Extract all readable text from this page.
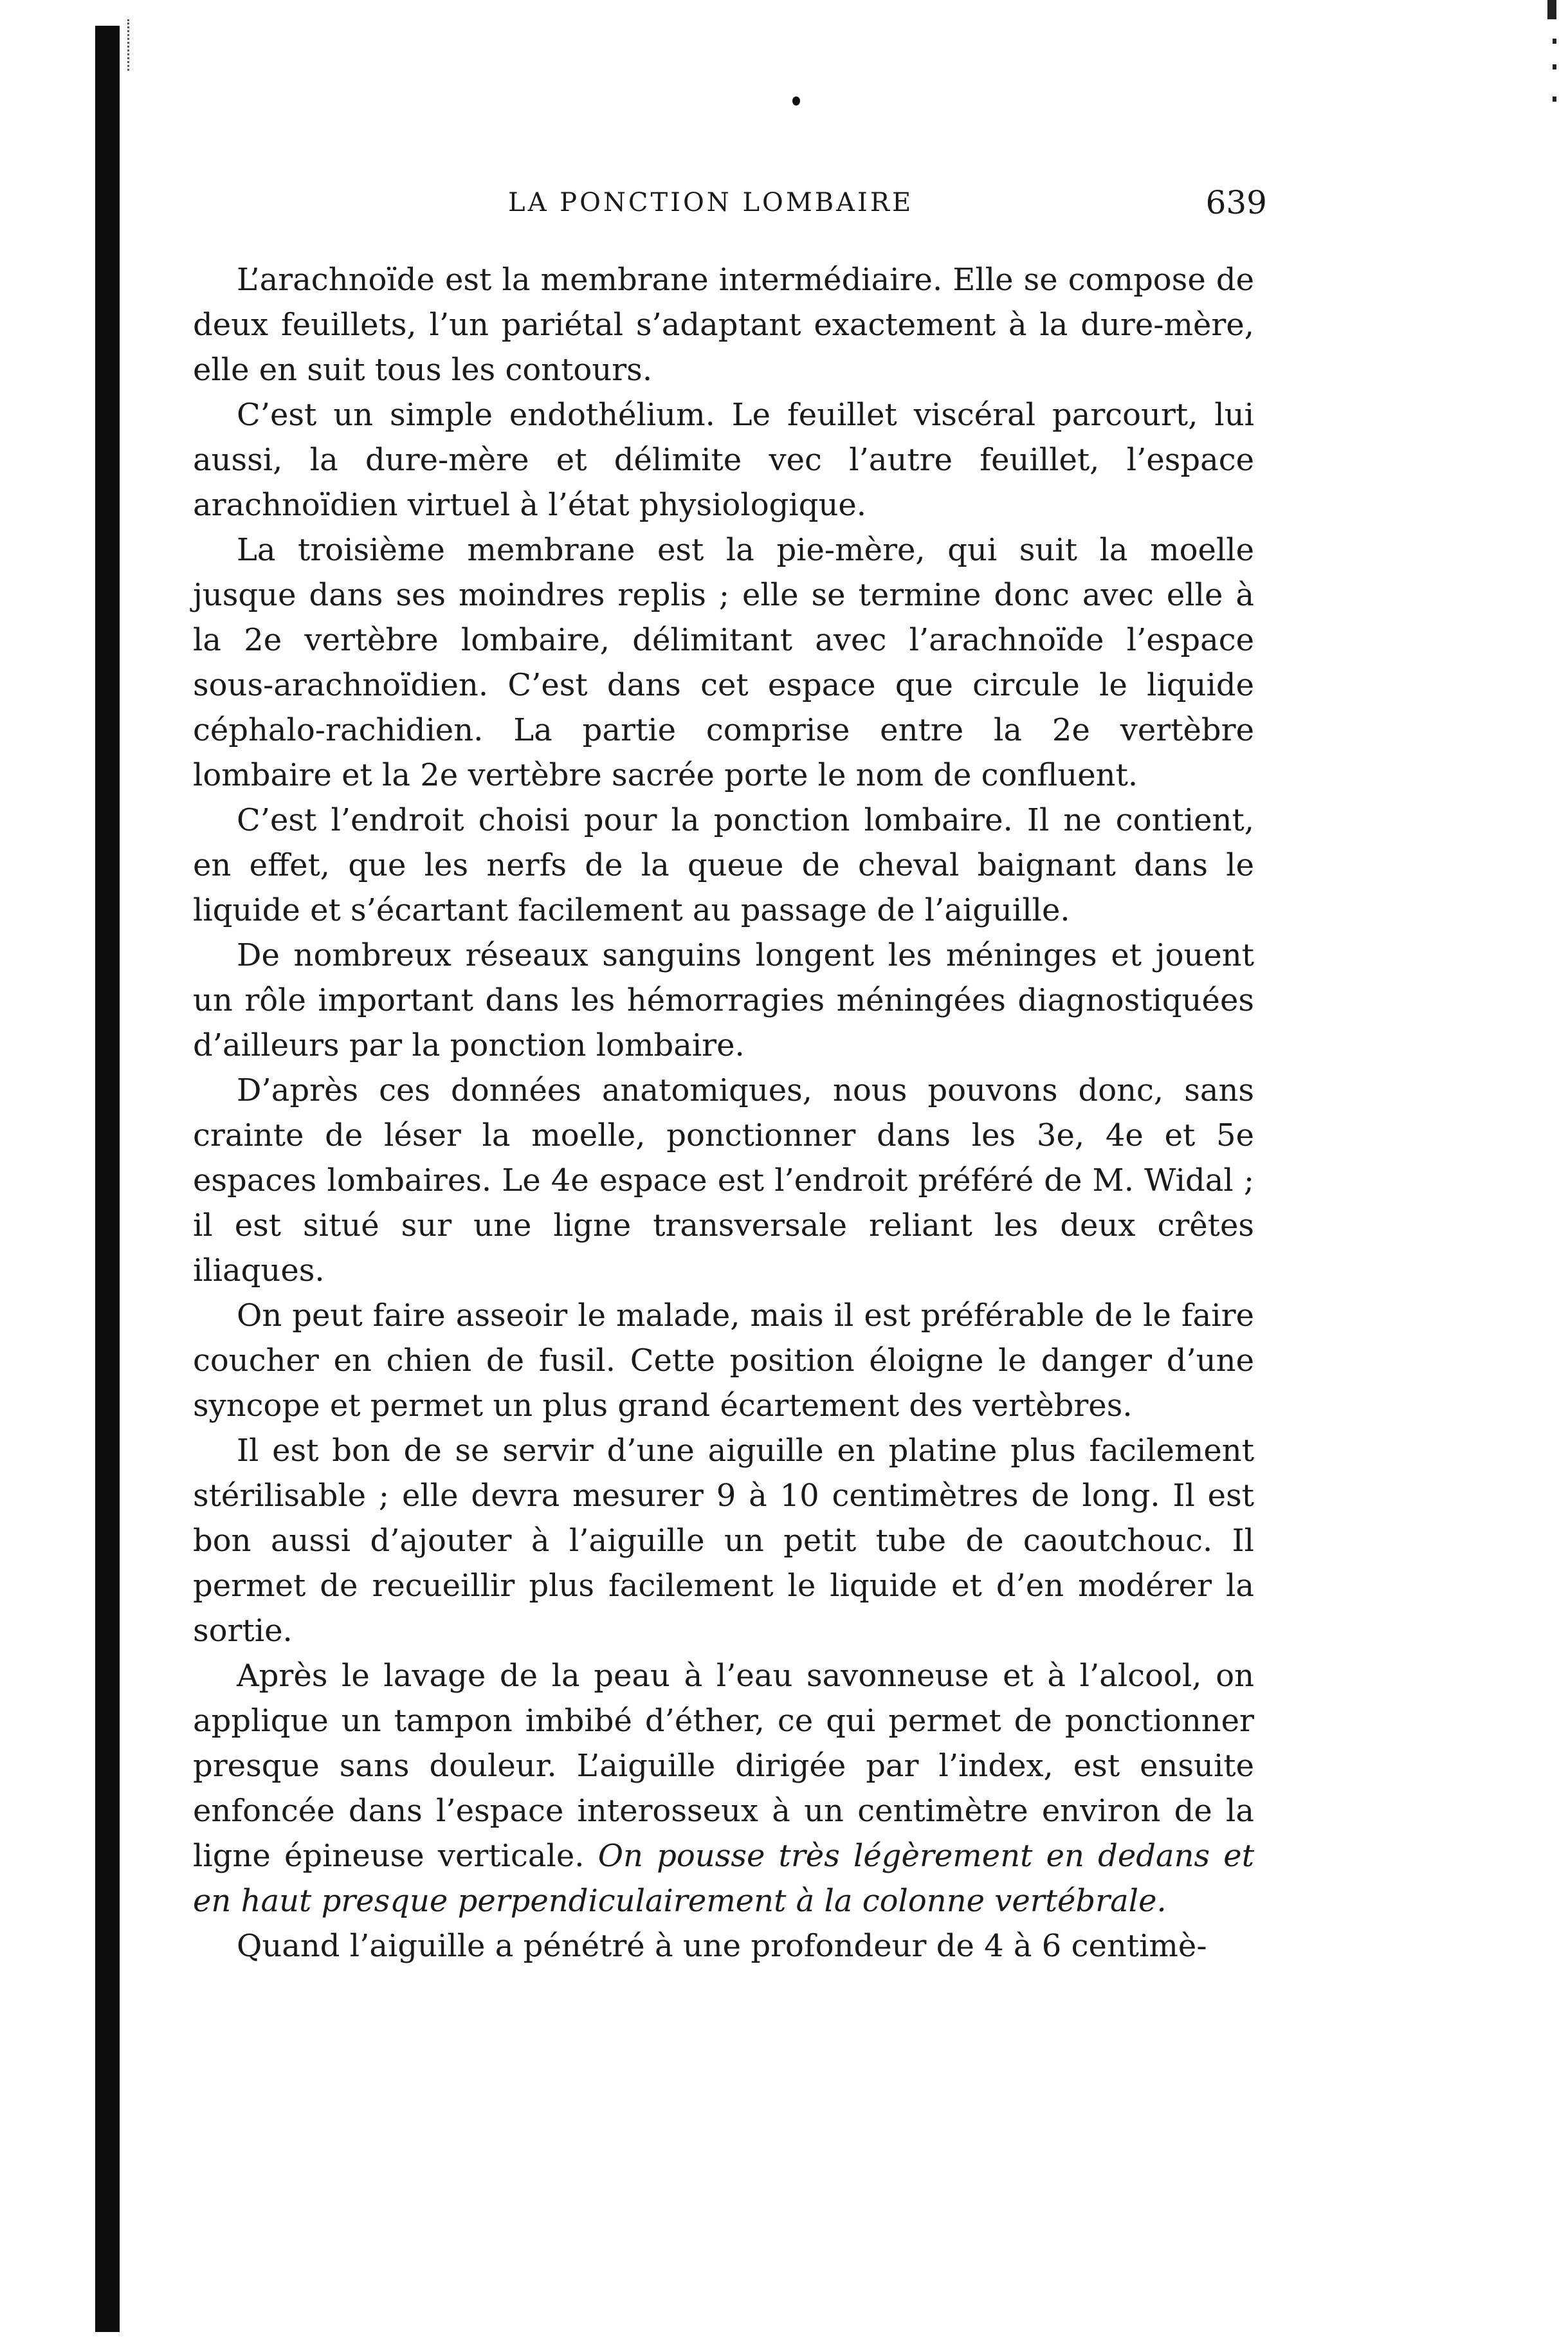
LA PONCTION LOMBAIRE	639

L’arachnoïde est la membrane intermédiaire. Elle se compose de deux feuillets, l’un pariétal s’adaptant exactement à la dure-mère, elle en suit tous les contours.

C’est un simple endothélium. Le feuillet viscéral parcourt, lui aussi, la dure-mère et délimite vec l’autre feuillet, l’espace arachnoïdien virtuel à l’état physiologique.

La troisième membrane est la pie-mère, qui suit la moelle jusque dans ses moindres replis ; elle se termine donc avec elle à la 2e vertèbre lombaire, délimitant avec l’arachnoïde l’espace sous-arachnoïdien. C’est dans cet espace que circule le liquide céphalo-rachidien. La partie comprise entre la 2e vertèbre lombaire et la 2e vertèbre sacrée porte le nom de confluent.

C’est l’endroit choisi pour la ponction lombaire. Il ne contient, en effet, que les nerfs de la queue de cheval baignant dans le liquide et s’écartant facilement au passage de l’aiguille.

De nombreux réseaux sanguins longent les méninges et jouent un rôle important dans les hémorragies méningées diagnostiquées d’ailleurs par la ponction lombaire.

D’après ces données anatomiques, nous pouvons donc, sans crainte de léser la moelle, ponctionner dans les 3e, 4e et 5e espaces lombaires. Le 4e espace est l’endroit préféré de M. Widal ; il est situé sur une ligne transversale reliant les deux crêtes iliaques.

On peut faire asseoir le malade, mais il est préférable de le faire coucher en chien de fusil. Cette position éloigne le danger d’une syncope et permet un plus grand écartement des vertèbres.

Il est bon de se servir d’une aiguille en platine plus facilement stérilisable ; elle devra mesurer 9 à 10 centimètres de long. Il est bon aussi d’ajouter à l’aiguille un petit tube de caoutchouc. Il permet de recueillir plus facilement le liquide et d’en modérer la sortie.

Après le lavage de la peau à l’eau savonneuse et à l’alcool, on applique un tampon imbibé d’éther, ce qui permet de ponctionner presque sans douleur. L’aiguille dirigée par l’index, est ensuite enfoncée dans l’espace interosseux à un centimètre environ de la ligne épineuse verticale. On pousse très légèrement en dedans et en haut presque perpendiculairement à la colonne vertébrale.

Quand l’aiguille a pénétré à une profondeur de 4 à 6 centimè-
